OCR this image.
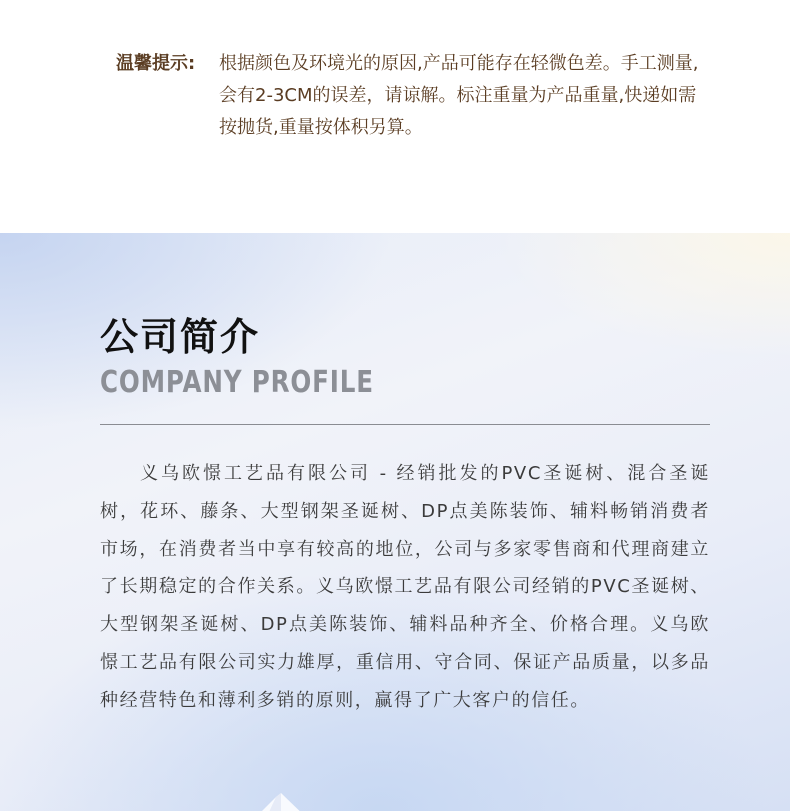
温馨提示: 根据颜色及环境光的原因,产品可能存在轻微色差。手工测量,会有2-3CM的误差，请谅解。标注重量为产品重量,快递如需按抛货,重量按体积另算。
公司简介
COMPANY PROFILE

义乌欧憬工艺品有限公司 - 经销批发的PVC圣诞树、混合圣诞树，花环、藤条、大型钢架圣诞树、DP点美陈装饰、辅料畅销消费者市场，在消费者当中享有较高的地位，公司与多家零售商和代理商建立了长期稳定的合作关系。义乌欧憬工艺品有限公司经销的PVC圣诞树、大型钢架圣诞树、DP点美陈装饰、辅料品种齐全、价格合理。义乌欧憬工艺品有限公司实力雄厚，重信用、守合同、保证产品质量，以多品种经营特色和薄利多销的原则，赢得了广大客户的信任。
